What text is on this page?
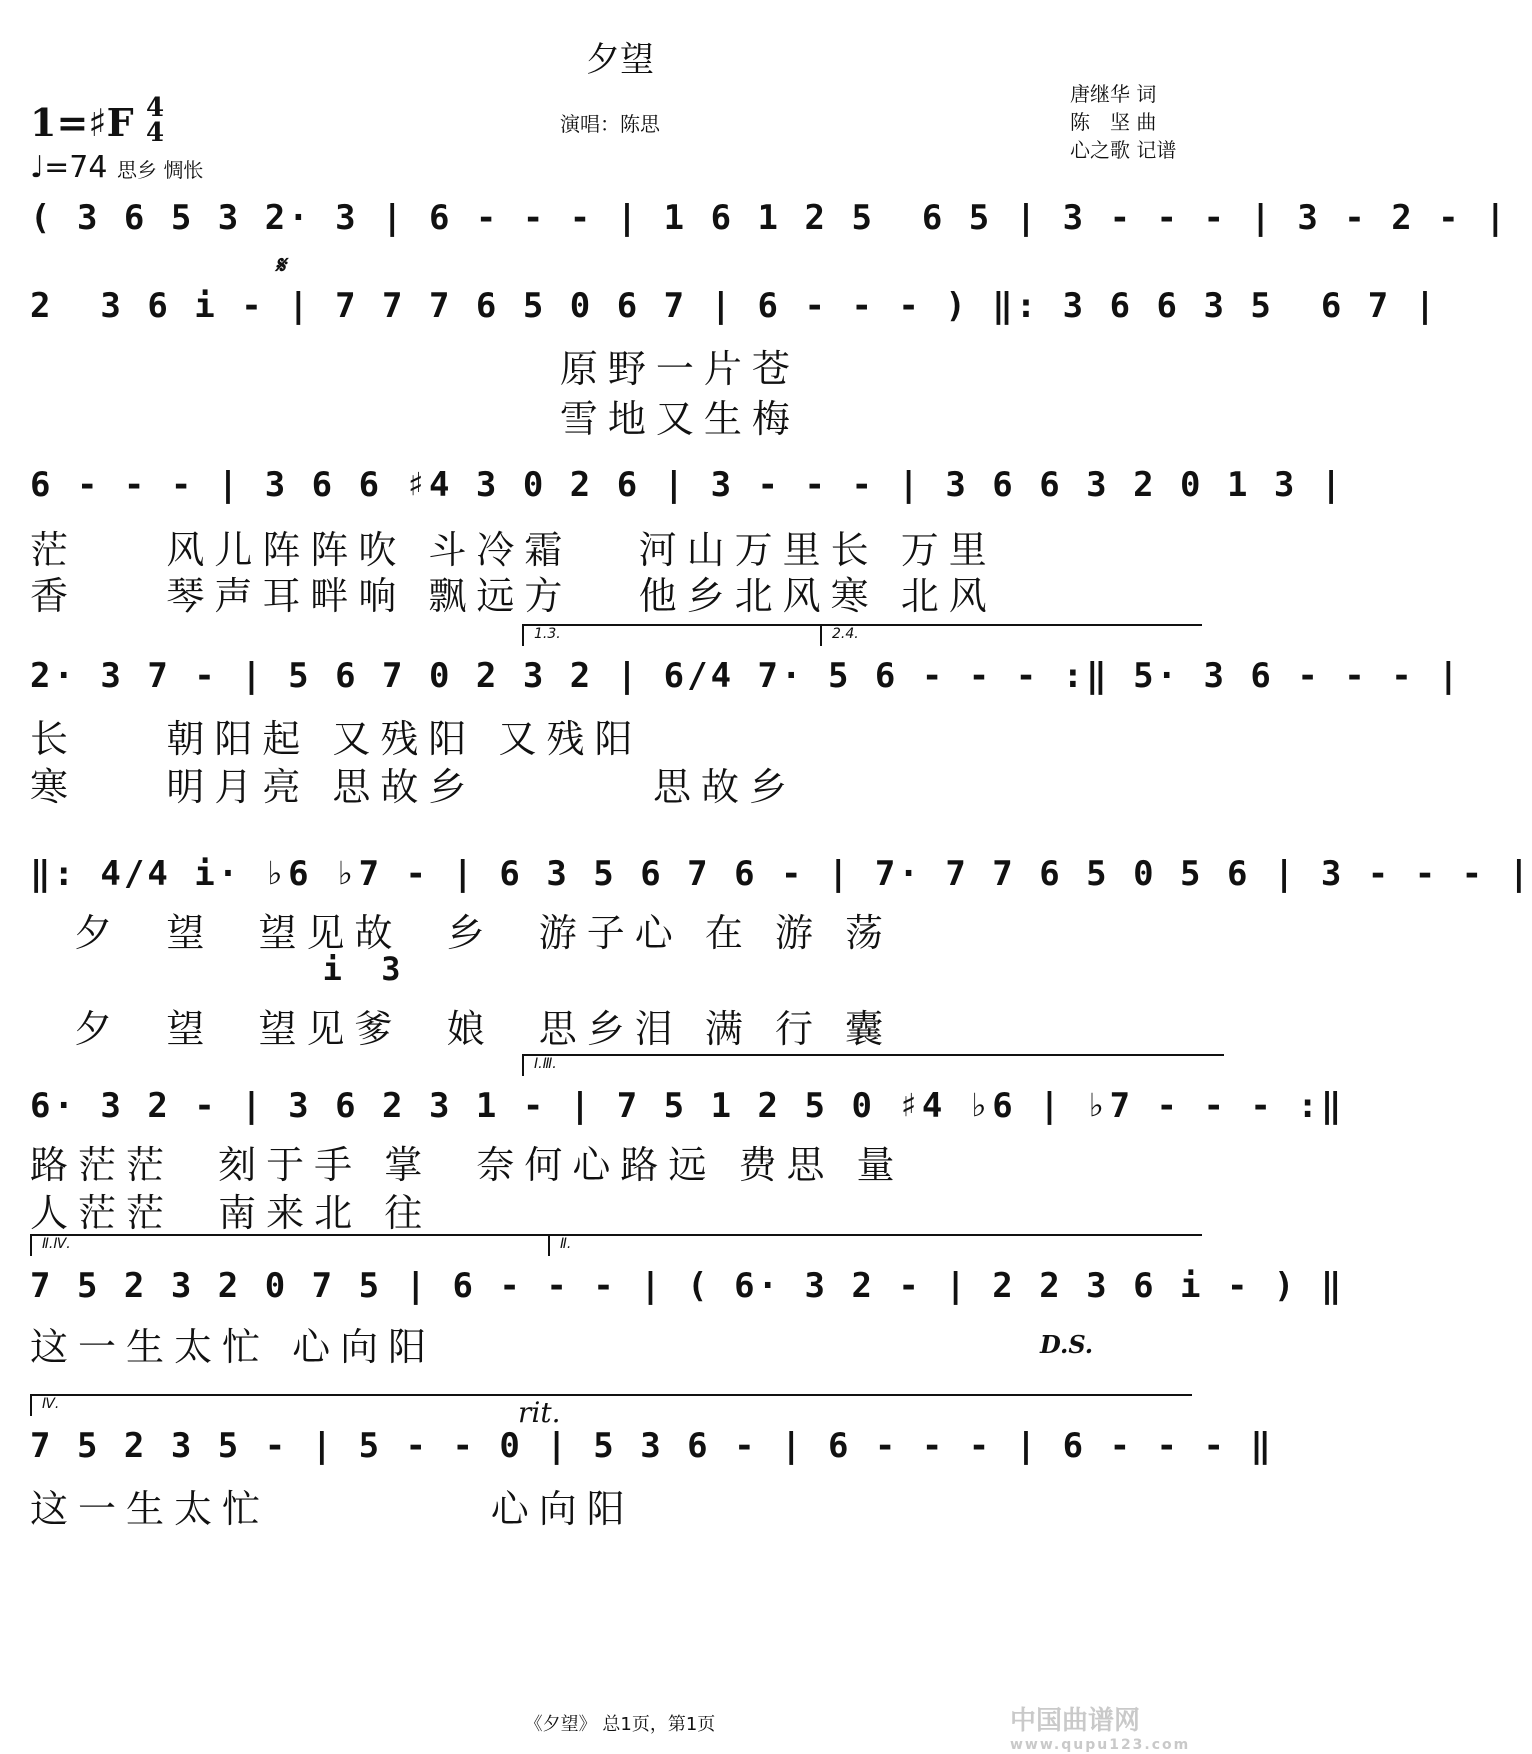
夕望
1=♯F 4
4
♩=74 思乡 惆怅
演唱：陈思
唐继华 词
陈　坚 曲
心之歌 记谱
( 3 6 5 3 2· 3 | 6 - - - | 1 6 1 2 5  6 5 | 3 - - - | 3 - 2 - |
𝄋
2  3 6 i - | 7 7 7 6 5 0 6 7 | 6 - - - ) ‖: 3 6 6 3 5  6 7 |
原野一片苍
雪地又生梅
6 - - - | 3 6 6 ♯4 3 0 2 6 | 3 - - - | 3 6 6 3 2 0 1 3 |
茫    风儿阵阵吹 斗冷霜   河山万里长 万里
香    琴声耳畔响 飘远方   他乡北风寒 北风
1.3.	2.4.
2· 3 7 - | 5 6 7 0 2 3 2 | 6/4 7· 5 6 - - - :‖ 5· 3 6 - - - |
长    朝阳起 又残阳 又残阳
寒    明月亮 思故乡        思故乡
‖: 4/4 i· ♭6 ♭7 - | 6 3 5 6 7 6 - | 7· 7 7 6 5 0 5 6 | 3 - - - |
夕  望  望见故  乡  游子心 在 游 荡
i 3
夕  望  望见爹  娘  思乡泪 满 行 囊
Ⅰ.Ⅲ.
6· 3 2 - | 3 6 2 3 1 - | 7 5 1 2 5 0 ♯4 ♭6 | ♭7 - - - :‖
路茫茫  刻于手 掌  奈何心路远 费思 量
人茫茫  南来北 往
Ⅱ.Ⅳ.	Ⅱ.
7 5 2 3 2 0 7 5 | 6 - - - | ( 6· 3 2 - | 2 2 3 6 i - ) ‖
这一生太忙 心向阳	D.S.
Ⅳ.	rit.
7 5 2 3 5 - | 5 - - 0 | 5 3 6 - | 6 - - - | 6 - - - ‖
这一生太忙          心向阳
《夕望》 总1页，第1页	中国曲谱网
www.qupu123.com
